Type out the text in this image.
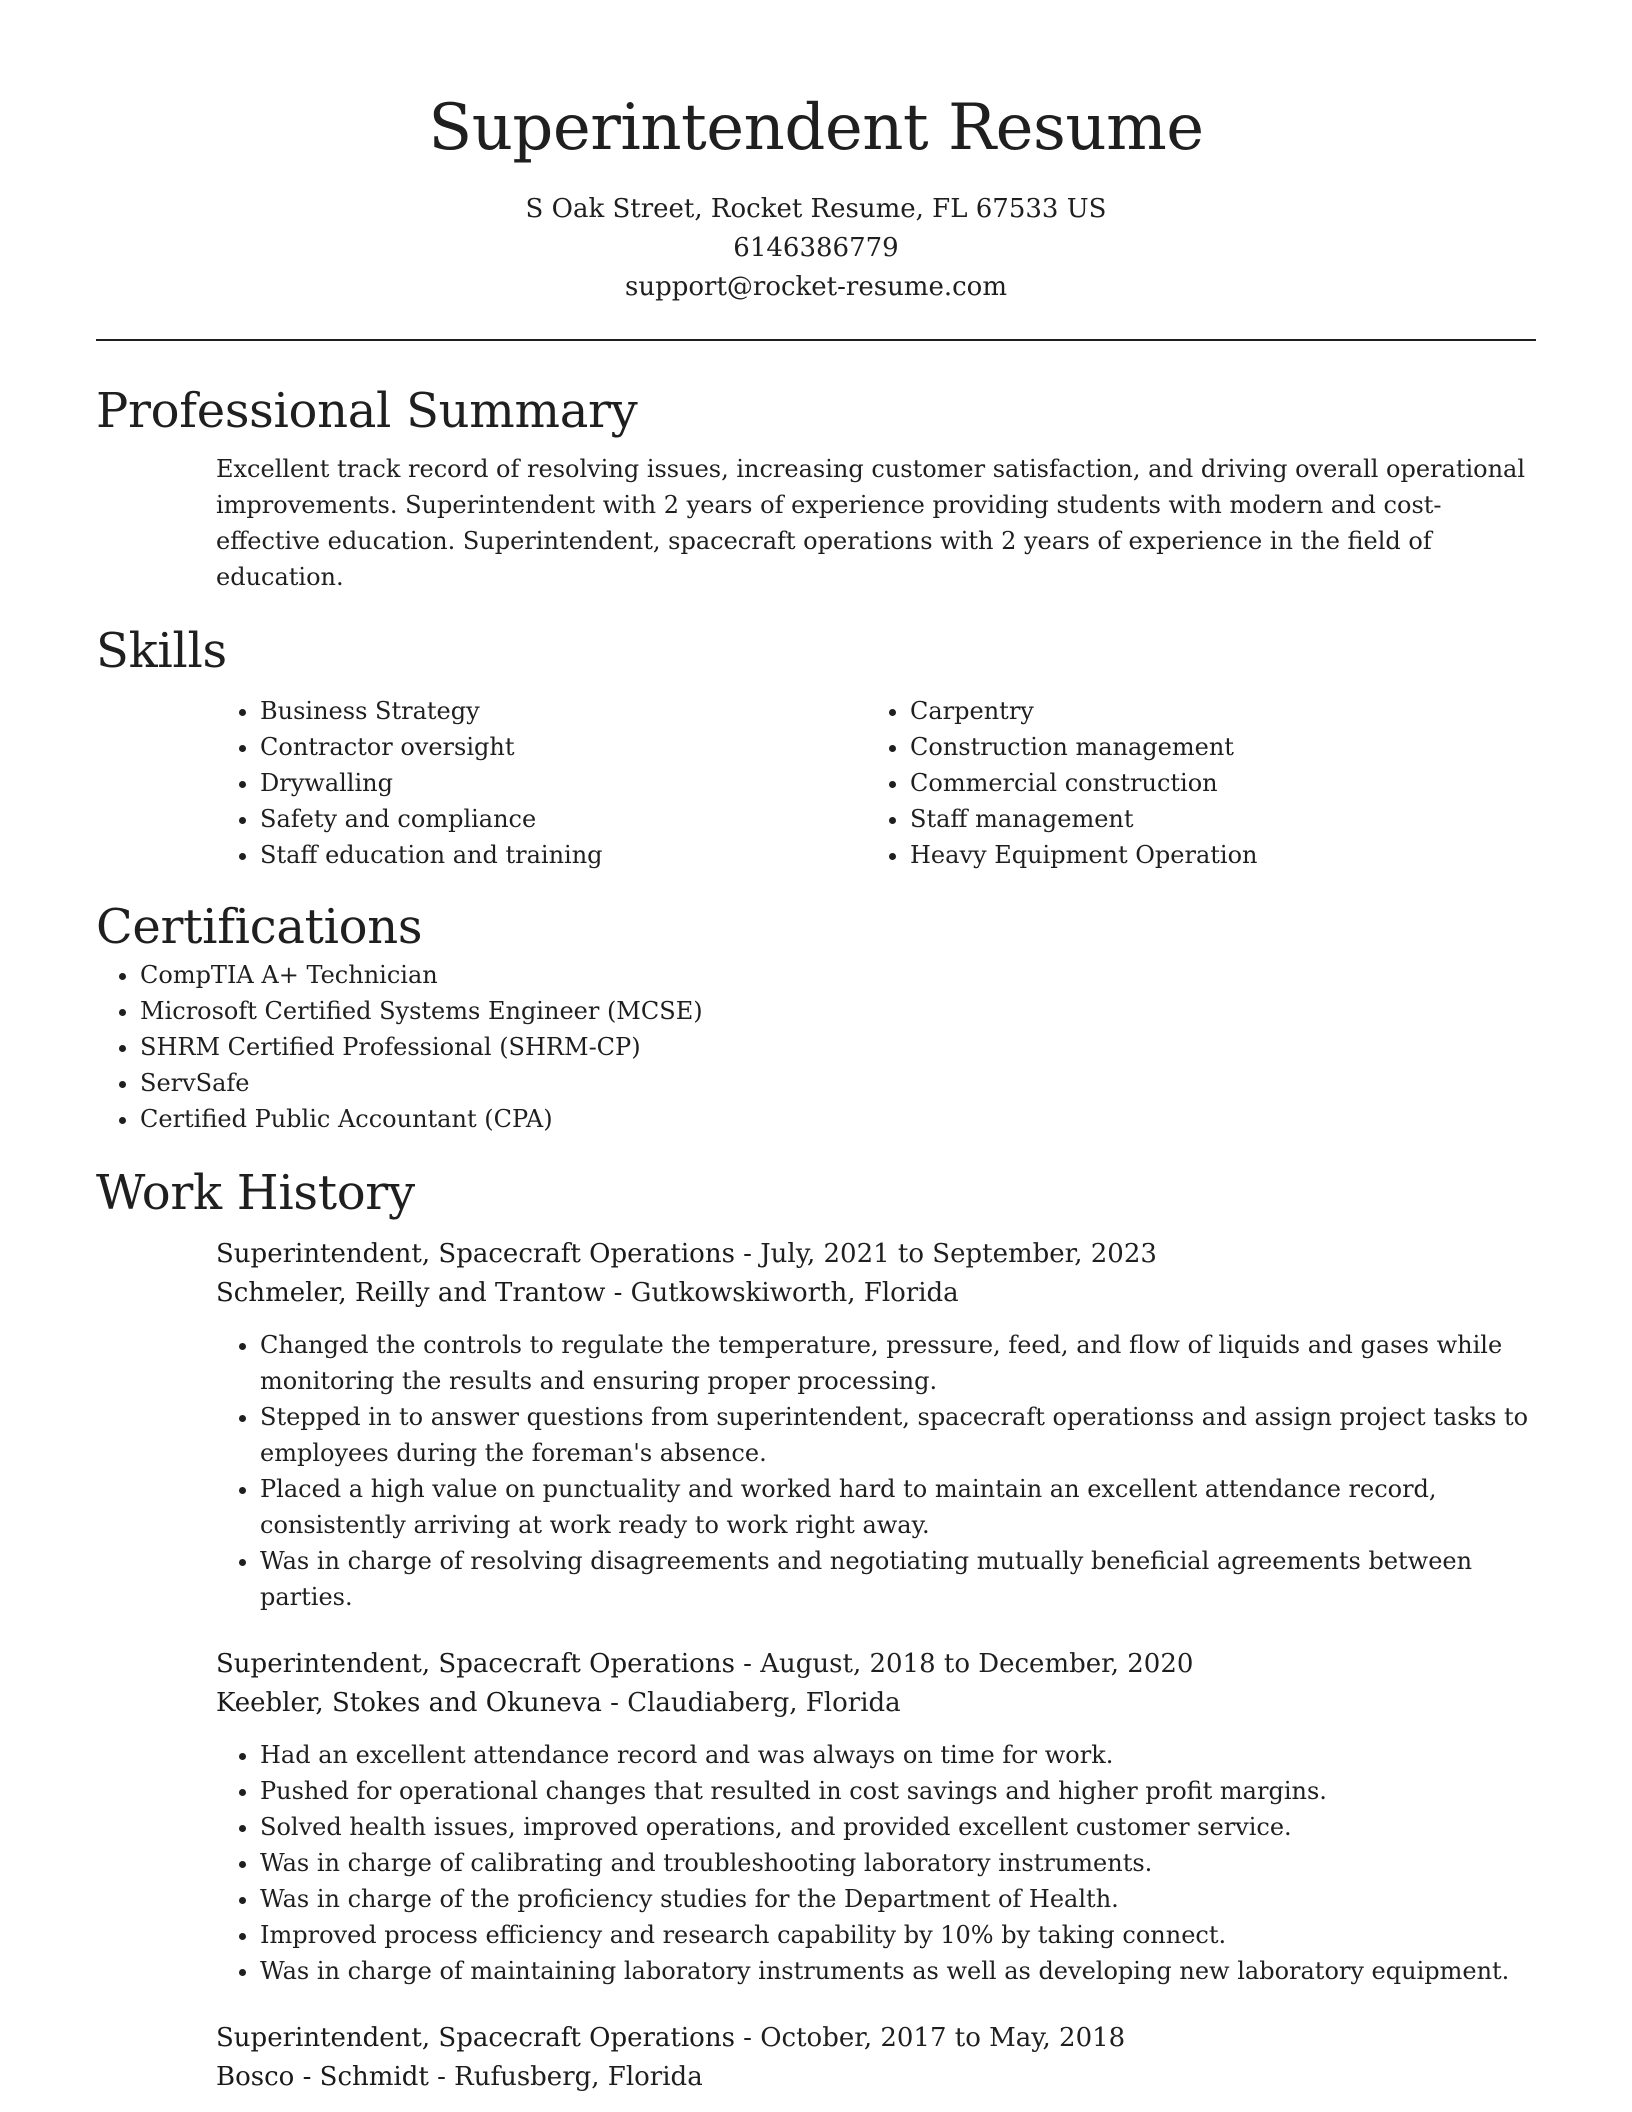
Superintendent Resume
S Oak Street, Rocket Resume, FL 67533 US
6146386779
support@rocket-resume.com
Professional Summary

Excellent track record of resolving issues, increasing customer satisfaction, and driving overall operational improvements. Superintendent with 2 years of experience providing students with modern and cost-effective education. Superintendent, spacecraft operations with 2 years of experience in the field of education.

Skills
• Business Strategy
• Contractor oversight
• Drywalling
• Safety and compliance
• Staff education and training
• Carpentry
• Construction management
• Commercial construction
• Staff management
• Heavy Equipment Operation
Certifications
• CompTIA A+ Technician
• Microsoft Certified Systems Engineer (MCSE)
• SHRM Certified Professional (SHRM-CP)
• ServSafe
• Certified Public Accountant (CPA)
Work History
Superintendent, Spacecraft Operations - July, 2021 to September, 2023
Schmeler, Reilly and Trantow - Gutkowskiworth, Florida
• Changed the controls to regulate the temperature, pressure, feed, and flow of liquids and gases while monitoring the results and ensuring proper processing.
• Stepped in to answer questions from superintendent, spacecraft operationss and assign project tasks to employees during the foreman's absence.
• Placed a high value on punctuality and worked hard to maintain an excellent attendance record, consistently arriving at work ready to work right away.
• Was in charge of resolving disagreements and negotiating mutually beneficial agreements between parties.
Superintendent, Spacecraft Operations - August, 2018 to December, 2020
Keebler, Stokes and Okuneva - Claudiaberg, Florida
• Had an excellent attendance record and was always on time for work.
• Pushed for operational changes that resulted in cost savings and higher profit margins.
• Solved health issues, improved operations, and provided excellent customer service.
• Was in charge of calibrating and troubleshooting laboratory instruments.
• Was in charge of the proficiency studies for the Department of Health.
• Improved process efficiency and research capability by 10% by taking connect.
• Was in charge of maintaining laboratory instruments as well as developing new laboratory equipment.
Superintendent, Spacecraft Operations - October, 2017 to May, 2018
Bosco - Schmidt - Rufusberg, Florida
